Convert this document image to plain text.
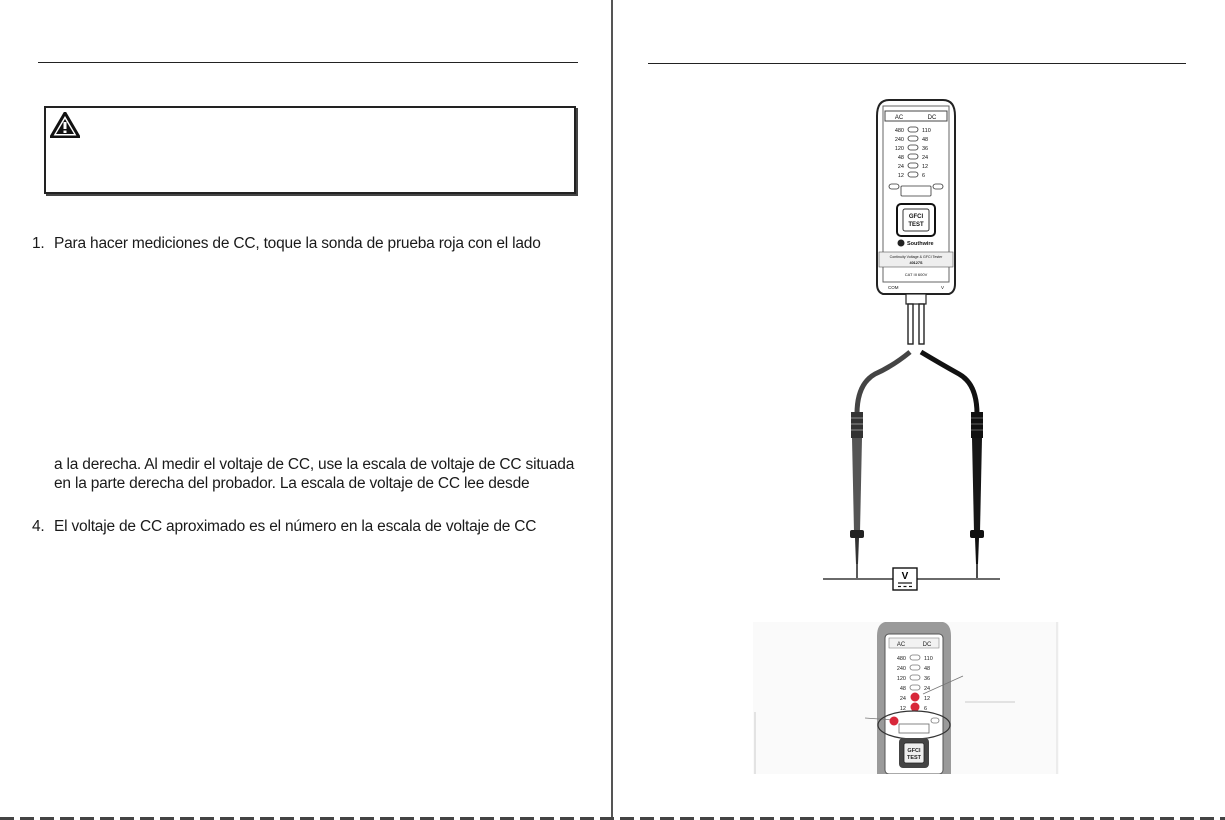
1. Para hacer mediciones de CC, toque la sonda de prueba roja con el lado
a la derecha. Al medir el voltaje de CC, use la escala de voltaje de CC situada
en la parte derecha del probador. La escala de voltaje de CC lee desde
4. El voltaje de CC aproximado es el número en la escala de voltaje de CC
AC	DC
480
240
120
48
24
12
110
48
36
24
12
6
GFCI
TEST
Southwire
Continuity Voltage & GFCI Tester
40127S
CAT III 600V
COM	V
V
AC	DC
480
240
120
48
24
12
110
48
36
24
12
6
GFCI
TEST
